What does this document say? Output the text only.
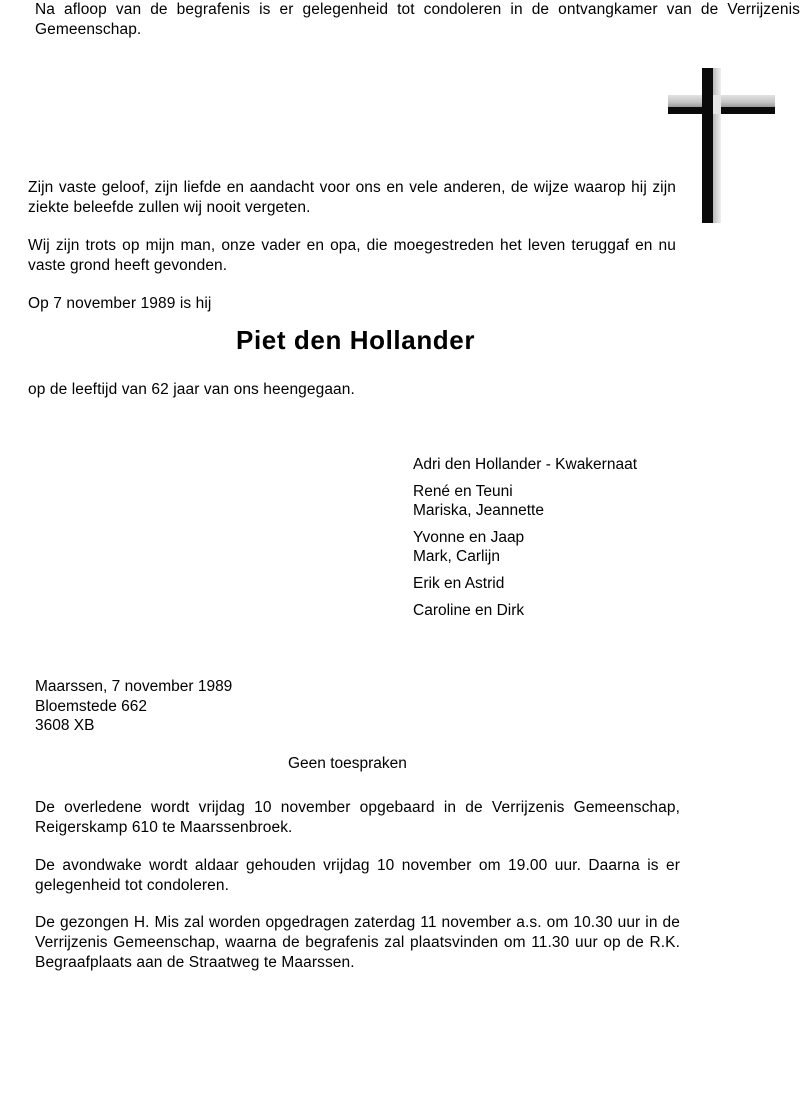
Zijn vaste geloof, zijn liefde en aandacht voor ons en vele anderen, de wijze waarop hij zijn ziekte beleefde zullen wij nooit vergeten.
Wij zijn trots op mijn man, onze vader en opa, die moegestreden het leven teruggaf en nu vaste grond heeft gevonden.
Op 7 november 1989 is hij
Piet den Hollander
op de leeftijd van 62 jaar van ons heengegaan.
Adri den Hollander - Kwakernaat
René en Teuni
Mariska, Jeannette
Yvonne en Jaap
Mark, Carlijn
Erik en Astrid
Caroline en Dirk
Maarssen, 7 november 1989
Bloemstede 662
3608 XB
Geen toespraken
De overledene wordt vrijdag 10 november opgebaard in de Verrijzenis Gemeenschap, Reigerskamp 610 te Maarssenbroek.
De avondwake wordt aldaar gehouden vrijdag 10 november om 19.00 uur. Daarna is er gelegenheid tot condoleren.
De gezongen H. Mis zal worden opgedragen zaterdag 11 november a.s. om 10.30 uur in de Verrijzenis Gemeenschap, waarna de begrafenis zal plaatsvinden om 11.30 uur op de R.K. Begraafplaats aan de Straatweg te Maarssen.
Na afloop van de begrafenis is er gelegenheid tot condoleren in de ontvangkamer van de Verrijzenis Gemeenschap.
